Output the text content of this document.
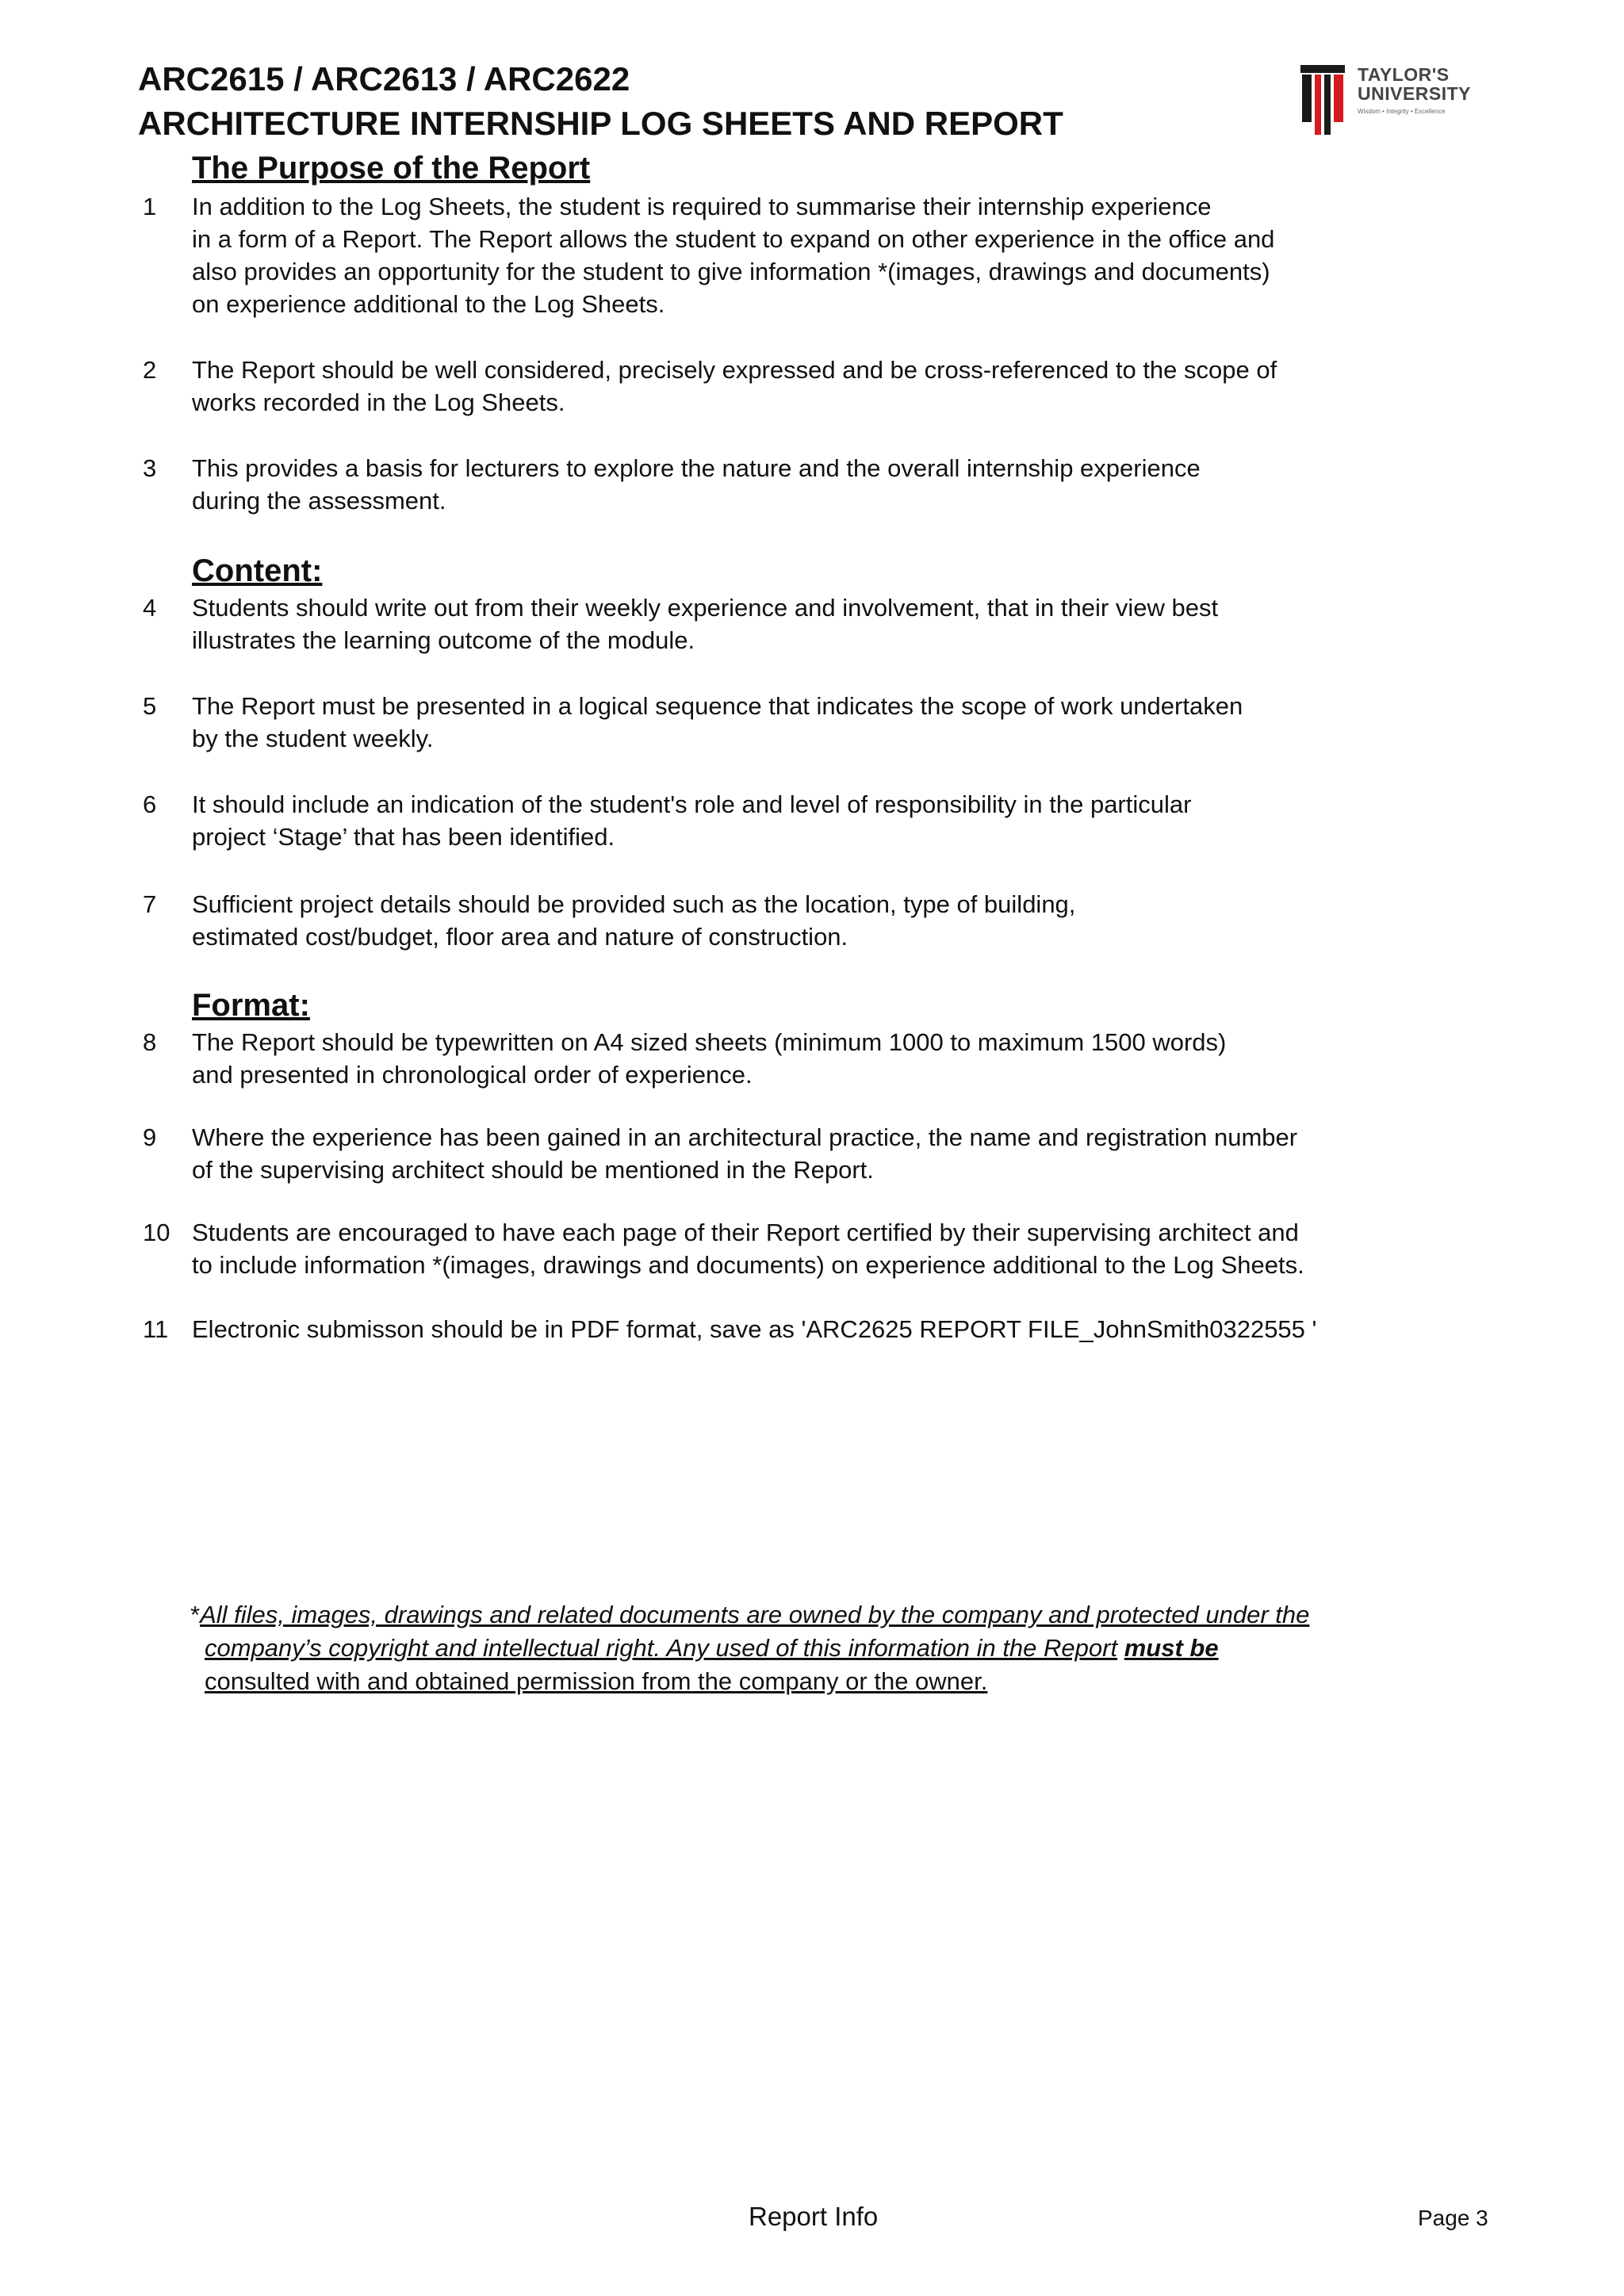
ARC2615 / ARC2613 / ARC2622

ARCHITECTURE INTERNSHIP LOG SHEETS AND REPORT

TAYLOR'S
UNIVERSITY
Wisdom • Integrity • Excellence
The Purpose of the Report
1 In addition to the Log Sheets, the student is required to summarise their internship experience
in a form of a Report. The Report allows the student to expand on other experience in the office and
also provides an opportunity for the student to give information *(images, drawings and documents)
on experience additional to the Log Sheets.
2 The Report should be well considered, precisely expressed and be cross-referenced to the scope of
works recorded in the Log Sheets.
3 This provides a basis for lecturers to explore the nature and the overall internship experience
during the assessment.
Content:
4 Students should write out from their weekly experience and involvement, that in their view best
illustrates the learning outcome of the module.
5 The Report must be presented in a logical sequence that indicates the scope of work undertaken
by the student weekly.
6 It should include an indication of the student's role and level of responsibility in the particular
project ‘Stage’ that has been identified.
7 Sufficient project details should be provided such as the location, type of building,
estimated cost/budget, floor area and nature of construction.
Format:
8 The Report should be typewritten on A4 sized sheets (minimum 1000 to maximum 1500 words)
and presented in chronological order of experience.
9 Where the experience has been gained in an architectural practice, the name and registration number
of the supervising architect should be mentioned in the Report.
10 Students are encouraged to have each page of their Report certified by their supervising architect and
to include information *(images, drawings and documents) on experience additional to the Log Sheets.
11 Electronic submisson should be in PDF format, save as 'ARC2625 REPORT FILE_JohnSmith0322555 '
*All files, images, drawings and related documents are owned by the company and protected under the
company’s copyright and intellectual right. Any used of this information in the Report must be
consulted with and obtained permission from the company or the owner.
Report Info	Page 3
